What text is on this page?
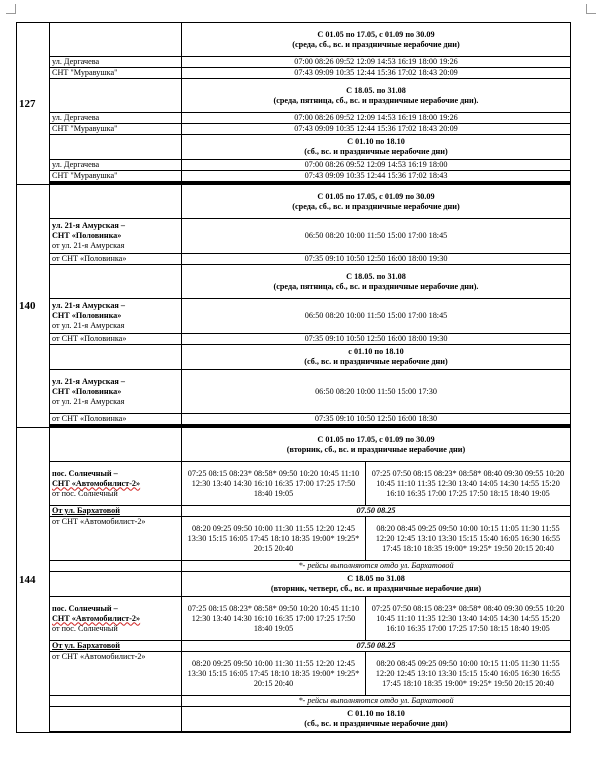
127		С 01.05 по 17.05, с 01.09 по 30.09
(среда, сб., вс. и праздничные нерабочие дни)	

	ул. Дергачева	07:00 08:26 09:52 12:09 14:53 16:19 18:00 19:26	
	СНТ "Муравушка"	07:43 09:09 10:35 12:44 15:36 17:02 18:43 20:09	

		С 18.05. по 31.08
(среда, пятница, сб., вс. и праздничные нерабочие дни).	

	ул. Дергачева	07:00 08:26 09:52 12:09 14:53 16:19 18:00 19:26	
	СНТ "Муравушка"	07:43 09:09 10:35 12:44 15:36 17:02 18:43 20:09	

		С 01.10 по 18.10
(сб., вс. и праздничные нерабочие дни)	

	ул. Дергачева	07:00 08:26 09:52 12:09 14:53 16:19 18:00	
	СНТ "Муравушка"	07:43 09:09 10:35 12:44 15:36 17:02 18:43	

140		С 01.05 по 17.05, с 01.09 по 30.09
(среда, сб., вс. и праздничные нерабочие дни)	

	ул. 21-я Амурская –
СНТ «Половинка»
от ул. 21-я Амурская	06:50 08:20 10:00 11:50 15:00 17:00 18:45	
	от СНТ «Половинка»	07:35 09:10 10:50 12:50 16:00 18:00 19:30	

		С 18.05. по 31.08
(среда, пятница, сб., вс. и праздничные нерабочие дни).	

	ул. 21-я Амурская –
СНТ «Половинка»
от ул. 21-я Амурская	06:50 08:20 10:00 11:50 15:00 17:00 18:45	
	от СНТ «Половинка»	07:35 09:10 10:50 12:50 16:00 18:00 19:30	

		с 01.10 по 18.10
(сб., вс. и праздничные нерабочие дни)	

	ул. 21-я Амурская –
СНТ «Половинка»
от ул. 21-я Амурская	06:50 08:20 10:00 11:50 15:00 17:30	
	от СНТ «Половинка»	07:35 09:10 10:50 12:50 16:00 18:30	

144		С 01.05 по 17.05, с 01.09 по 30.09
(вторник, сб., вс. и праздничные нерабочие дни)	

	пос. Солнечный –
СНТ «Автомобилист-2»
от пос. Солнечный	07:25 08:15 08:23* 08:58* 09:50 10:20 10:45 11:10 12:30 13:40 14:30 16:10 16:35 17:00 17:25 17:50 18:40 19:05	07:25 07:50 08:15 08:23* 08:58* 08:40 09:30 09:55 10:20 10:45 11:10 11:35 12:30 13:40 14:05 14:30 14:55 15:20 16:10 16:35 17:00 17:25 17:50 18:15 18:40 19:05
	От ул. Бархатовой	07.50 08.25	
	от СНТ «Автомобилист-2»	08:20 09:25 09:50 10:00 11:30 11:55 12:20 12:45 13:30 15:15 16:05 17:45 18:10 18:35 19:00* 19:25* 20:15 20:40	08:20 08:45 09:25 09:50 10:00 10:15 11:05 11:30 11:55 12:20 12:45 13:10 13:30 15:15 15:40 16:05 16:30 16:55 17:45 18:10 18:35 19:00* 19:25* 19:50 20:15 20:40
		*- рейсы выполняются отдо ул. Бархатовой	

		С 18.05 по 31.08
(вторник, четверг, сб., вс. и праздничные нерабочие дни)	

	пос. Солнечный –
СНТ «Автомобилист-2»
от пос. Солнечный	07:25 08:15 08:23* 08:58* 09:50 10:20 10:45 11:10 12:30 13:40 14:30 16:10 16:35 17:00 17:25 17:50 18:40 19:05	07:25 07:50 08:15 08:23* 08:58* 08:40 09:30 09:55 10:20 10:45 11:10 11:35 12:30 13:40 14:05 14:30 14:55 15:20 16:10 16:35 17:00 17:25 17:50 18:15 18:40 19:05
	От ул. Бархатовой	07.50 08.25	
	от СНТ «Автомобилист-2»	08:20 09:25 09:50 10:00 11:30 11:55 12:20 12:45 13:30 15:15 16:05 17:45 18:10 18:35 19:00* 19:25* 20:15 20:40	08:20 08:45 09:25 09:50 10:00 10:15 11:05 11:30 11:55 12:20 12:45 13:10 13:30 15:15 15:40 16:05 16:30 16:55 17:45 18:10 18:35 19:00* 19:25* 19:50 20:15 20:40
		*- рейсы выполняются отдо ул. Бархатовой	

		С 01.10 по 18.10
(сб., вс. и праздничные нерабочие дни)	
